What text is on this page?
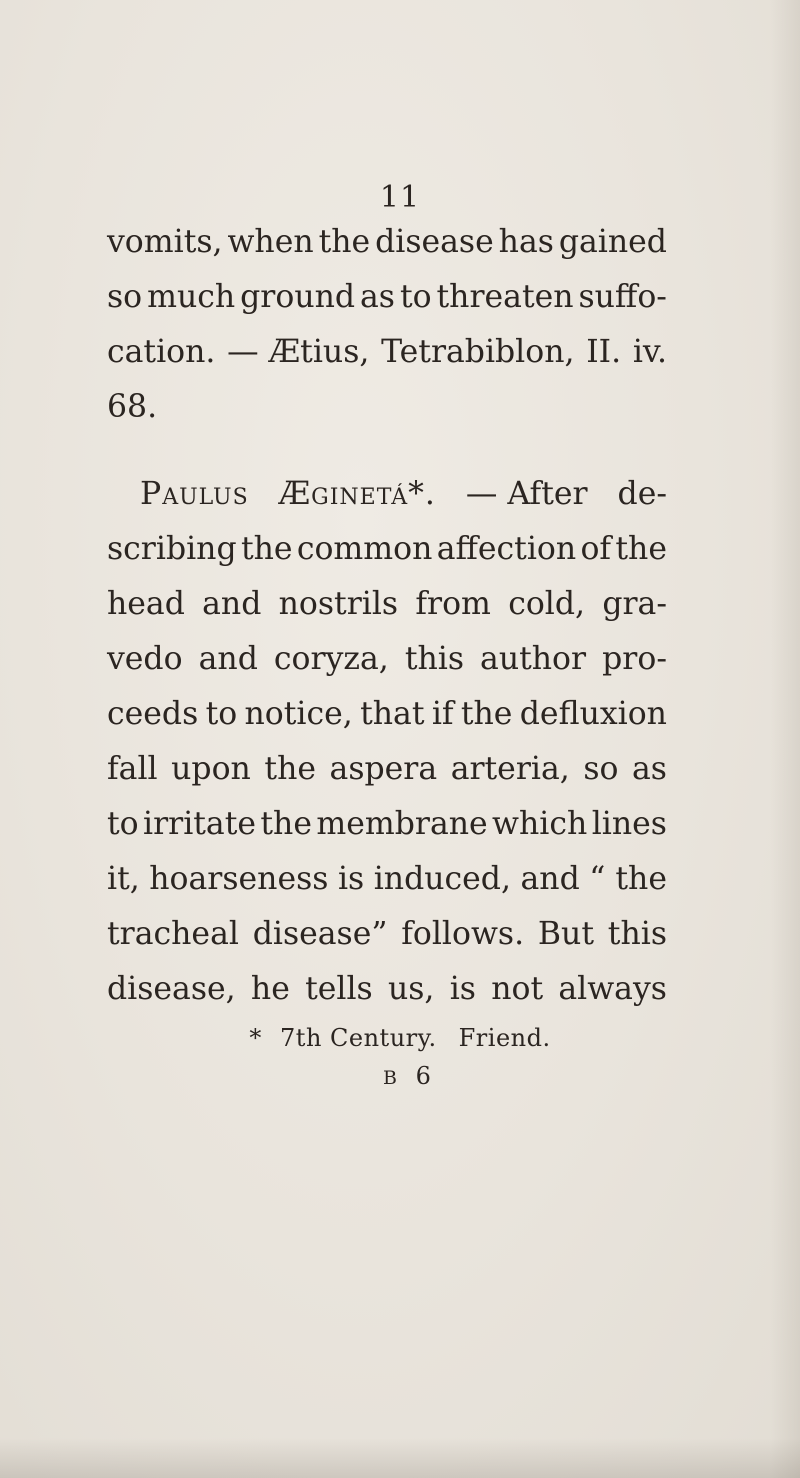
11
vomits, when the disease has gained
so much ground as to threaten suffo-
cation. — Ætius, Tetrabiblon, II. iv.
68.
Paulus Æginetá*. — After de-
scribing the common affection of the
head and nostrils from cold, gra-
vedo and coryza, this author pro-
ceeds to notice, that if the defluxion
fall upon the aspera arteria, so as
to irritate the membrane which lines
it, hoarseness is induced, and “ the
tracheal disease” follows. But this
disease, he tells us, is not always
* 7th Century. Friend.
B 6
